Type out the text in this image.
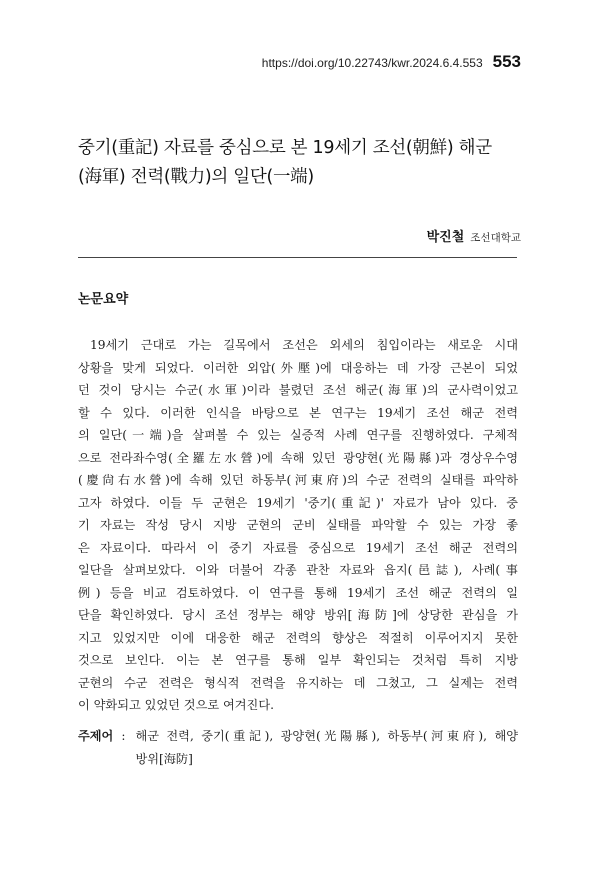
https://doi.org/10.22743/kwr.2024.6.4.553 553
중기(重記) 자료를 중심으로 본 19세기 조선(朝鮮) 해군
(海軍) 전력(戰力)의 일단(一端)
박진철 조선대학교
논문요약
19세기 근대로 가는 길목에서 조선은 외세의 침입이라는 새로운 시대
상황을 맞게 되었다. 이러한 외압(外壓)에 대응하는 데 가장 근본이 되었
던 것이 당시는 수군(水軍)이라 불렸던 조선 해군(海軍)의 군사력이었고
할 수 있다. 이러한 인식을 바탕으로 본 연구는 19세기 조선 해군 전력
의 일단(一端)을 살펴볼 수 있는 실증적 사례 연구를 진행하였다. 구체적
으로 전라좌수영(全羅左水營)에 속해 있던 광양현(光陽縣)과 경상우수영
(慶尙右水營)에 속해 있던 하동부(河東府)의 수군 전력의 실태를 파악하
고자 하였다. 이들 두 군현은 19세기 '중기(重記)' 자료가 남아 있다. 중
기 자료는 작성 당시 지방 군현의 군비 실태를 파악할 수 있는 가장 좋
은 자료이다. 따라서 이 중기 자료를 중심으로 19세기 조선 해군 전력의
일단을 살펴보았다. 이와 더불어 각종 관찬 자료와 읍지(邑誌), 사례(事
例) 등을 비교 검토하였다. 이 연구를 통해 19세기 조선 해군 전력의 일
단을 확인하였다. 당시 조선 정부는 해양 방위[海防]에 상당한 관심을 가
지고 있었지만 이에 대응한 해군 전력의 향상은 적절히 이루어지지 못한
것으로 보인다. 이는 본 연구를 통해 일부 확인되는 것처럼 특히 지방
군현의 수군 전력은 형식적 전력을 유지하는 데 그쳤고, 그 실제는 전력
이 약화되고 있었던 것으로 여겨진다.
주제어 : 해군 전력, 중기(重記), 광양현(光陽縣), 하동부(河東府), 해양
방위[海防]
